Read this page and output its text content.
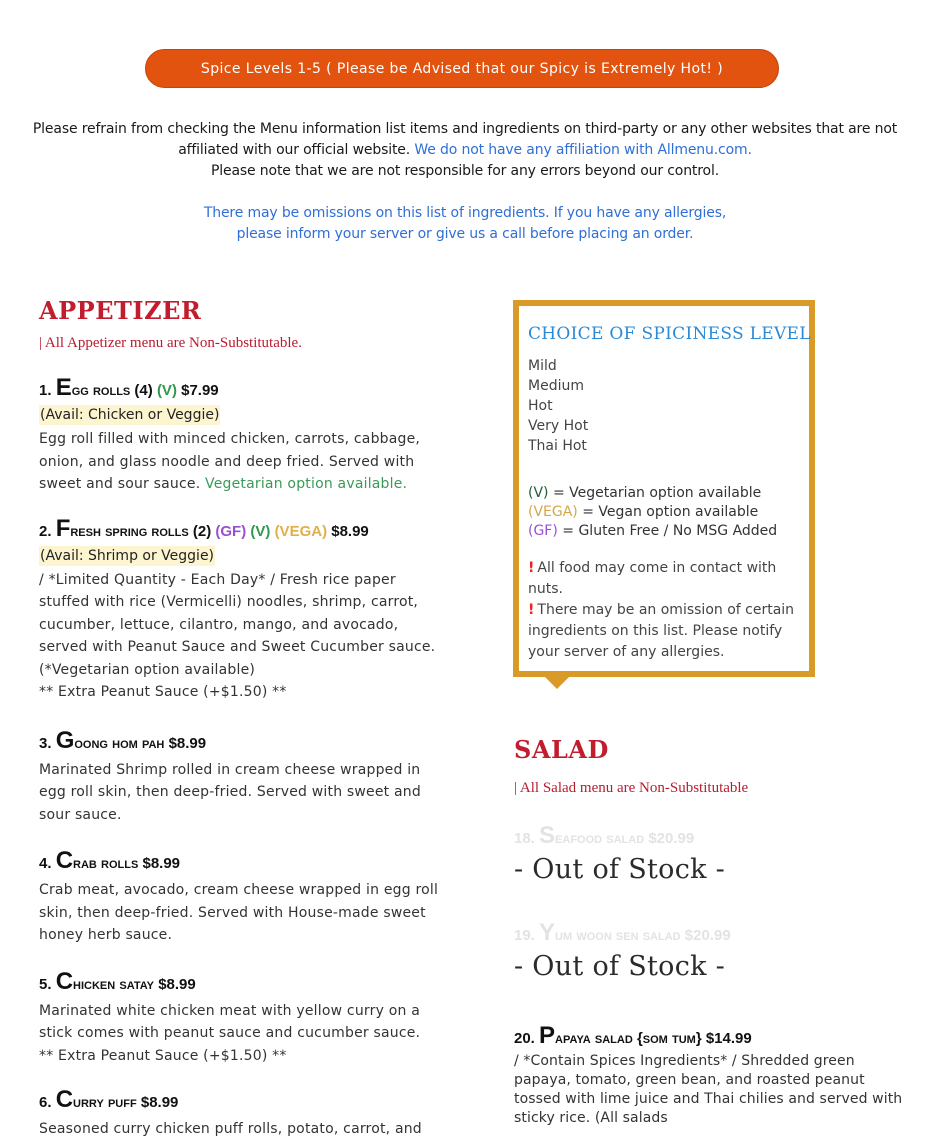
Spice Levels 1-5 ( Please be Advised that our Spicy is Extremely Hot! )
Please refrain from checking the Menu information list items and ingredients on third-party or any other websites that are not affiliated with our official website. We do not have any affiliation with Allmenu.com.
Please note that we are not responsible for any errors beyond our control.
There may be omissions on this list of ingredients. If you have any allergies,
please inform your server or give us a call before placing an order.
APPETIZER
| All Appetizer menu are Non-Substitutable.
1. Egg rolls (4) (V) $7.99
(Avail: Chicken or Veggie)
Egg roll filled with minced chicken, carrots, cabbage, onion, and glass noodle and deep fried. Served with sweet and sour sauce. Vegetarian option available.
2. Fresh spring rolls (2) (GF) (V) (VEGA) $8.99
(Avail: Shrimp or Veggie)
/ *Limited Quantity - Each Day* / Fresh rice paper stuffed with rice (Vermicelli) noodles, shrimp, carrot, cucumber, lettuce, cilantro, mango, and avocado, served with Peanut Sauce and Sweet Cucumber sauce.
(*Vegetarian option available)
** Extra Peanut Sauce (+$1.50) **
3. Goong hom pah $8.99
Marinated Shrimp rolled in cream cheese wrapped in egg roll skin, then deep-fried. Served with sweet and sour sauce.
4. Crab rolls $8.99
Crab meat, avocado, cream cheese wrapped in egg roll skin, then deep-fried. Served with House-made sweet honey herb sauce.
5. Chicken satay $8.99
Marinated white chicken meat with yellow curry on a stick comes with peanut sauce and cucumber sauce.
** Extra Peanut Sauce (+$1.50) **
6. Curry puff $8.99
Seasoned curry chicken puff rolls, potato, carrot, and
CHOICE OF SPICINESS LEVEL
Mild
Medium
Hot
Very Hot
Thai Hot
(V) = Vegetarian option available
(VEGA) = Vegan option available
(GF) = Gluten Free / No MSG Added
! All food may come in contact with nuts.
! There may be an omission of certain ingredients on this list. Please notify your server of any allergies.
SALAD
| All Salad menu are Non-Substitutable
18. Seafood salad $20.99
- Out of Stock -
19. Yum woon sen salad $20.99
- Out of Stock -
20. Papaya salad {som tum} $14.99
/ *Contain Spices Ingredients* / Shredded green papaya, tomato, green bean, and roasted peanut tossed with lime juice and Thai chilies and served with sticky rice. (All salads
